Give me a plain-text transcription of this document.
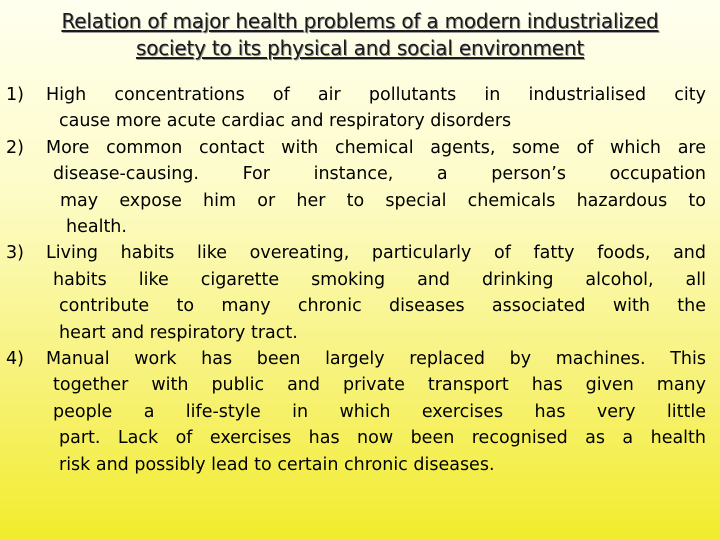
Relation of major health problems of a modern industrialized
society to its physical and social environment
1)	High concentrations of air pollutants in industrialised city
cause more acute cardiac and respiratory disorders
2)	More common contact with chemical agents, some of which are
disease-causing. For instance, a person’s occupation
may expose him or her to special chemicals hazardous to
health.
3)	Living habits like overeating, particularly of fatty foods, and
habits like cigarette smoking and drinking alcohol, all
contribute to many chronic diseases associated with the
heart and respiratory tract.
4)	Manual work has been largely replaced by machines. This
together with public and private transport has given many
people a life-style in which exercises has very little
part. Lack of exercises has now been recognised as a health
risk and possibly lead to certain chronic diseases.
